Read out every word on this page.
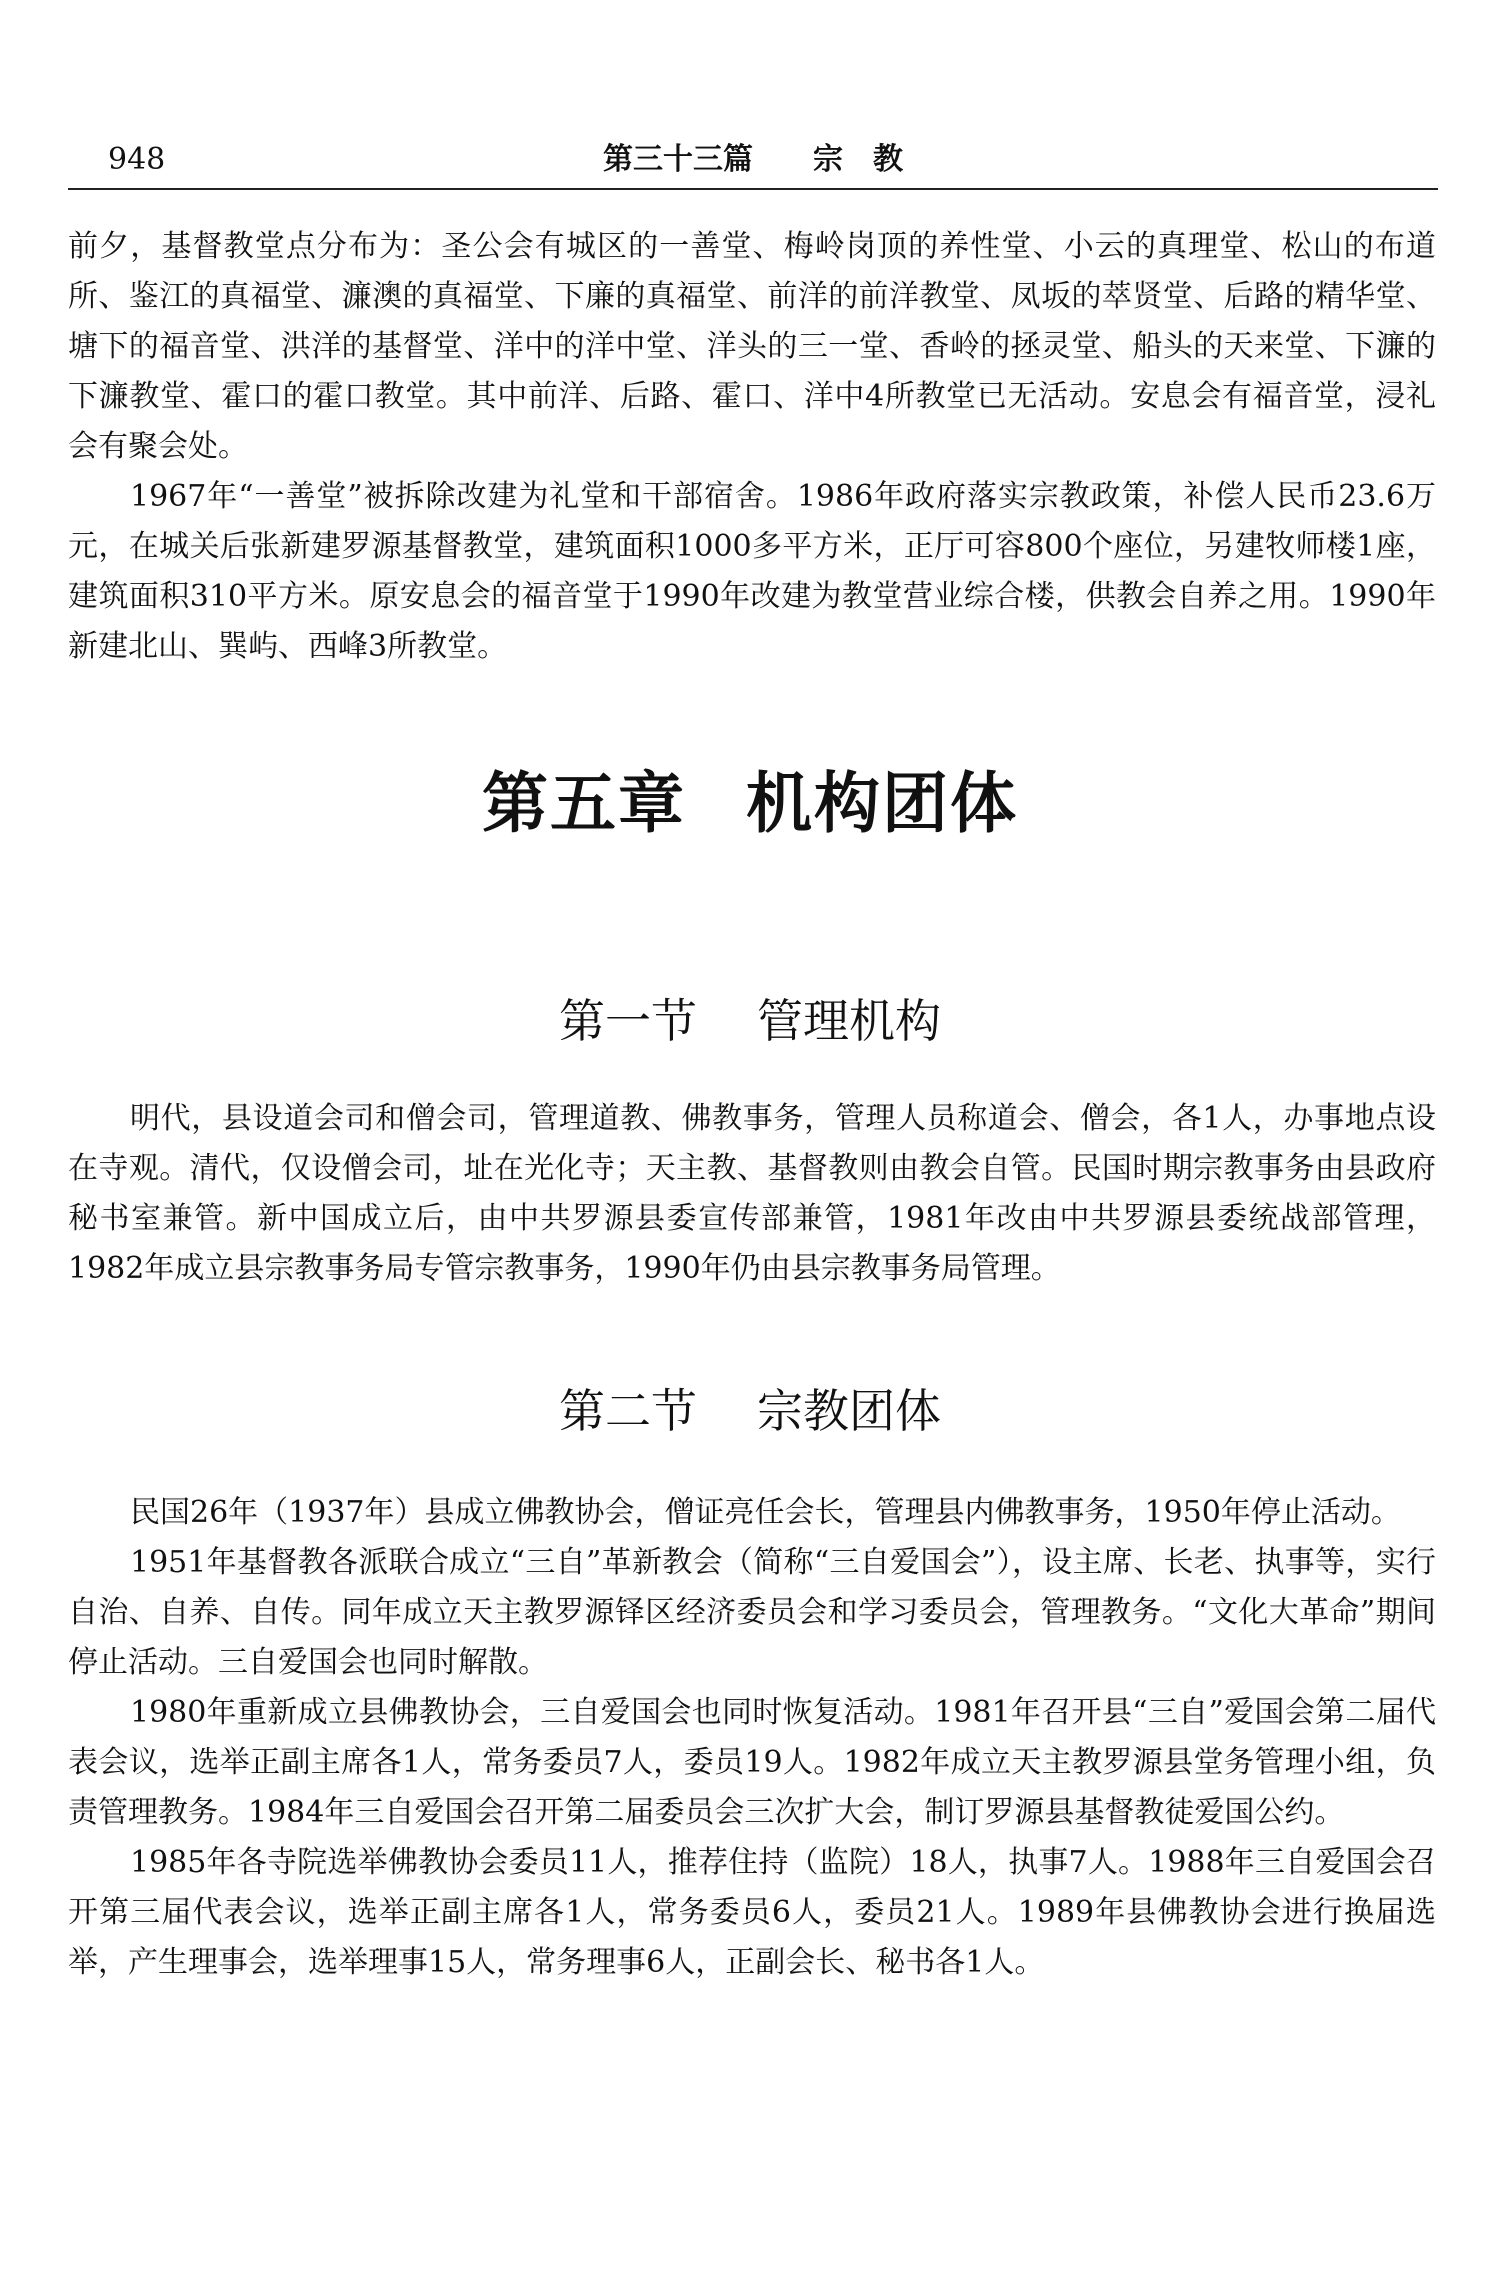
948	第三十三篇 宗　教

前夕，基督教堂点分布为：圣公会有城区的一善堂、梅岭岗顶的养性堂、小云的真理堂、松山的布道所、鉴江的真福堂、濂澳的真福堂、下廉的真福堂、前洋的前洋教堂、凤坂的萃贤堂、后路的精华堂、塘下的福音堂、洪洋的基督堂、洋中的洋中堂、洋头的三一堂、香岭的拯灵堂、船头的天来堂、下濂的下濂教堂、霍口的霍口教堂。其中前洋、后路、霍口、洋中4所教堂已无活动。安息会有福音堂，浸礼会有聚会处。

1967年“一善堂”被拆除改建为礼堂和干部宿舍。1986年政府落实宗教政策，补偿人民币23.6万元，在城关后张新建罗源基督教堂，建筑面积1000多平方米，正厅可容800个座位，另建牧师楼1座，建筑面积310平方米。原安息会的福音堂于1990年改建为教堂营业综合楼，供教会自养之用。1990年新建北山、巽屿、西峰3所教堂。

第五章 机构团体
第一节 管理机构

明代，县设道会司和僧会司，管理道教、佛教事务，管理人员称道会、僧会，各1人，办事地点设在寺观。清代，仅设僧会司，址在光化寺；天主教、基督教则由教会自管。民国时期宗教事务由县政府秘书室兼管。新中国成立后，由中共罗源县委宣传部兼管，1981年改由中共罗源县委统战部管理，1982年成立县宗教事务局专管宗教事务，1990年仍由县宗教事务局管理。

第二节 宗教团体

民国26年（1937年）县成立佛教协会，僧证亮任会长，管理县内佛教事务，1950年停止活动。

1951年基督教各派联合成立“三自”革新教会（简称“三自爱国会”），设主席、长老、执事等，实行自治、自养、自传。同年成立天主教罗源铎区经济委员会和学习委员会，管理教务。“文化大革命”期间停止活动。三自爱国会也同时解散。

1980年重新成立县佛教协会，三自爱国会也同时恢复活动。1981年召开县“三自”爱国会第二届代表会议，选举正副主席各1人，常务委员7人，委员19人。1982年成立天主教罗源县堂务管理小组，负责管理教务。1984年三自爱国会召开第二届委员会三次扩大会，制订罗源县基督教徒爱国公约。

1985年各寺院选举佛教协会委员11人，推荐住持（监院）18人，执事7人。1988年三自爱国会召开第三届代表会议，选举正副主席各1人，常务委员6人，委员21人。1989年县佛教协会进行换届选举，产生理事会，选举理事15人，常务理事6人，正副会长、秘书各1人。
